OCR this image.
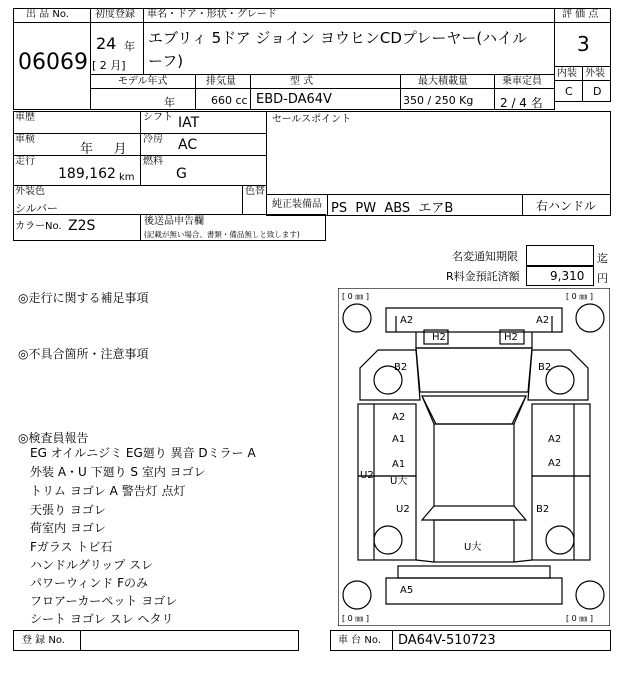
出 品 No.
06069
初度登録
24 年
[ 2 月]
車名・ドア・形状・グレード
エブリィ 5ドア ジョイン ヨウヒンCDプレーヤー(ハイル
ーフ)
モデル年式
年
排気量
660 cc
型 式
EBD-DA64V
最大積載量
350 / 250 Kg
乗車定員
2 / 4 名
評 価 点
3
内装 外装
C D
車歴	シフト IAT
車検
年     月
冷房 AC
走行
189,162 km
燃料
G
外装色
シルバー
色替
セールスポイント
純正装備品 PS  PW  ABS  エアB	右ハンドル
カラーNo. Z2S	後送品申告欄
(記載が無い場合、書類・備品無しと致します)
名変通知期限	迄
R料金預託済額	9,310 円
◎走行に関する補足事項
◎不具合箇所・注意事項
◎検査員報告
EG オイルニジミ EG廻り 異音 Dミラー A
外装 A・U 下廻り S 室内 ヨゴレ
トリム ヨゴレ A 警告灯 点灯
天張り ヨゴレ
荷室内 ヨゴレ
Fガラス トビ石
ハンドルグリップ スレ
パワーウィンド Fのみ
フロアーカーペット ヨゴレ
シート ヨゴレ スレ ヘタリ
[ 0 ㎜ ]	[ 0 ㎜ ]
[ 0 ㎜ ]	[ 0 ㎜ ]
A2	A2
H2	H2
B2	B2
A2
A1	A2
A1
U大
A2
U2
U2	B2
U大
A5
登 録 No.	車 台 No. DA64V-510723
